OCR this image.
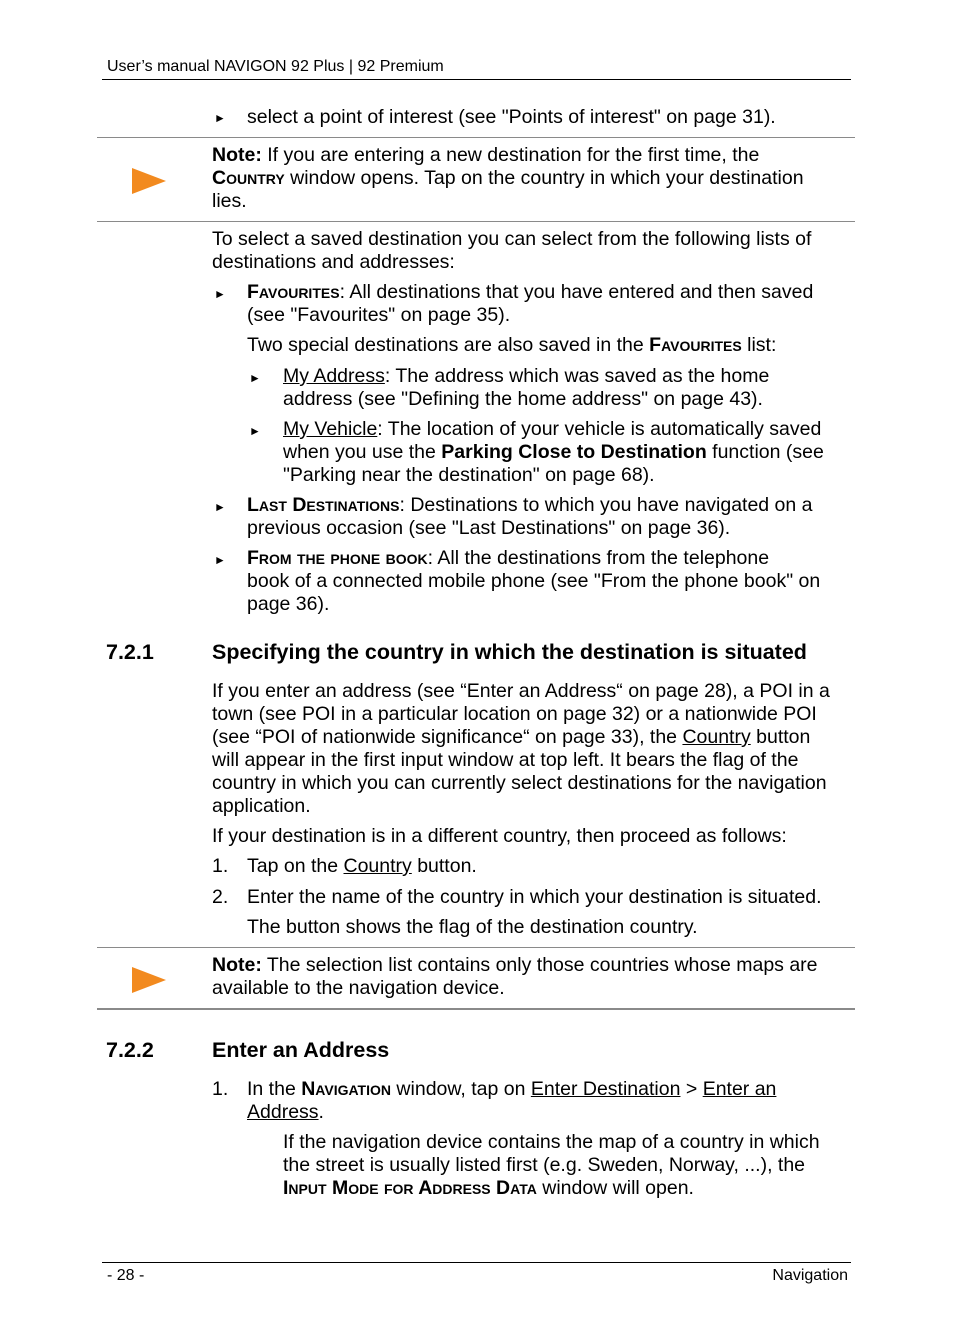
User’s manual NAVIGON 92 Plus | 92 Premium
► select a point of interest (see "Points of interest" on page 31).
Note: If you are entering a new destination for the first time, the
Country window opens. Tap on the country in which your destination
lies.
To select a saved destination you can select from the following lists of
destinations and addresses:
► Favourites: All destinations that you have entered and then saved
(see "Favourites" on page 35).
Two special destinations are also saved in the Favourites list:
► My Address: The address which was saved as the home
address (see "Defining the home address" on page 43).
► My Vehicle: The location of your vehicle is automatically saved
when you use the Parking Close to Destination function (see
"Parking near the destination" on page 68).
► Last Destinations: Destinations to which you have navigated on a
previous occasion (see "Last Destinations" on page 36).
► From the phone book: All the destinations from the telephone
book of a connected mobile phone (see "From the phone book" on
page 36).
7.2.1	Specifying the country in which the destination is situated
If you enter an address (see “Enter an Address“ on page 28), a POI in a
town (see POI in a particular location on page 32) or a nationwide POI
(see “POI of nationwide significance“ on page 33), the Country button
will appear in the first input window at top left. It bears the flag of the
country in which you can currently select destinations for the navigation
application.
If your destination is in a different country, then proceed as follows:
1. Tap on the Country button.
2. Enter the name of the country in which your destination is situated.
The button shows the flag of the destination country.
Note: The selection list contains only those countries whose maps are
available to the navigation device.
7.2.2	Enter an Address
1. In the Navigation window, tap on Enter Destination > Enter an
Address.
If the navigation device contains the map of a country in which
the street is usually listed first (e.g. Sweden, Norway, ...), the
Input Mode for Address Data window will open.
- 28 -	Navigation
